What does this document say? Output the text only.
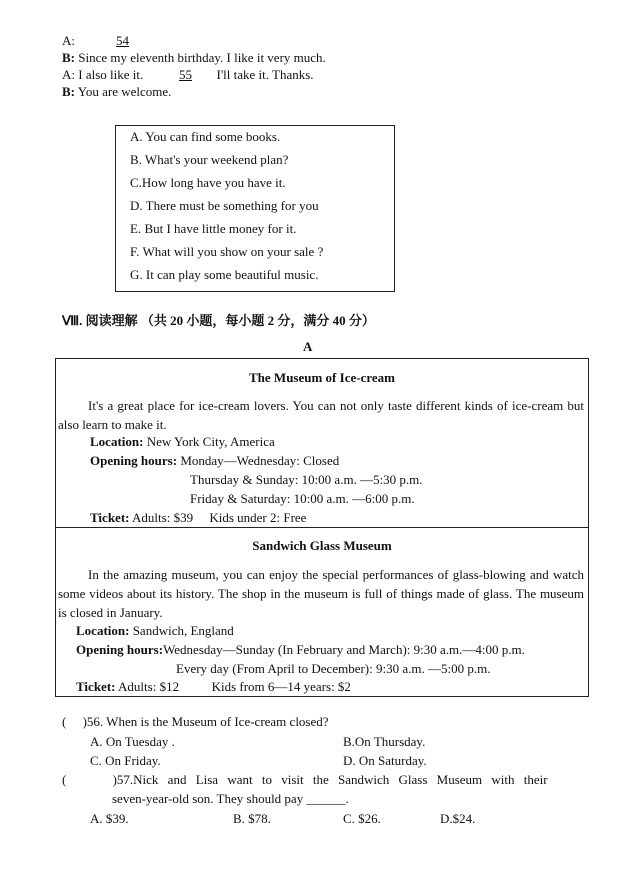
A:	54
B: Since my eleventh birthday. I like it very much.
A: I also like it.	55 I'll take it. Thanks.
B: You are welcome.
A. You can find some books.
B. What's your weekend plan?
C.How long have you have it.
D. There must be something for you
E. But I have little money for it.
F. What will you show on your sale ?
G. It can play some beautiful music.
Ⅷ. 阅读理解 （共 20 小题，每小题 2 分，满分 40 分）
A
The Museum of Ice-cream
It's a great place for ice-cream lovers. You can not only taste different kinds of ice-cream but also learn to make it.
Location: New York City, America
Opening hours: Monday—Wednesday: Closed
Thursday & Sunday: 10:00 a.m. —5:30 p.m.
Friday & Saturday: 10:00 a.m. —6:00 p.m.
Ticket: Adults: $39     Kids under 2: Free
Sandwich Glass Museum
In the amazing museum, you can enjoy the special performances of glass-blowing and watch some videos about its history. The shop in the museum is full of things made of glass. The museum is closed in January.
Location: Sandwich, England
Opening hours:Wednesday—Sunday (In February and March): 9:30 a.m.—4:00 p.m.
Every day (From April to December): 9:30 a.m. —5:00 p.m.
Ticket: Adults: $12          Kids from 6—14 years: $2
(     )56. When is the Museum of Ice-cream closed?
A. On Tuesday .	B.On Thursday.
C. On Friday.	D. On Saturday.
(     )57.Nick and Lisa want to visit the Sandwich Glass Museum with their
seven-year-old son. They should pay ______.
A. $39.	B. $78.	C. $26.	D.$24.
